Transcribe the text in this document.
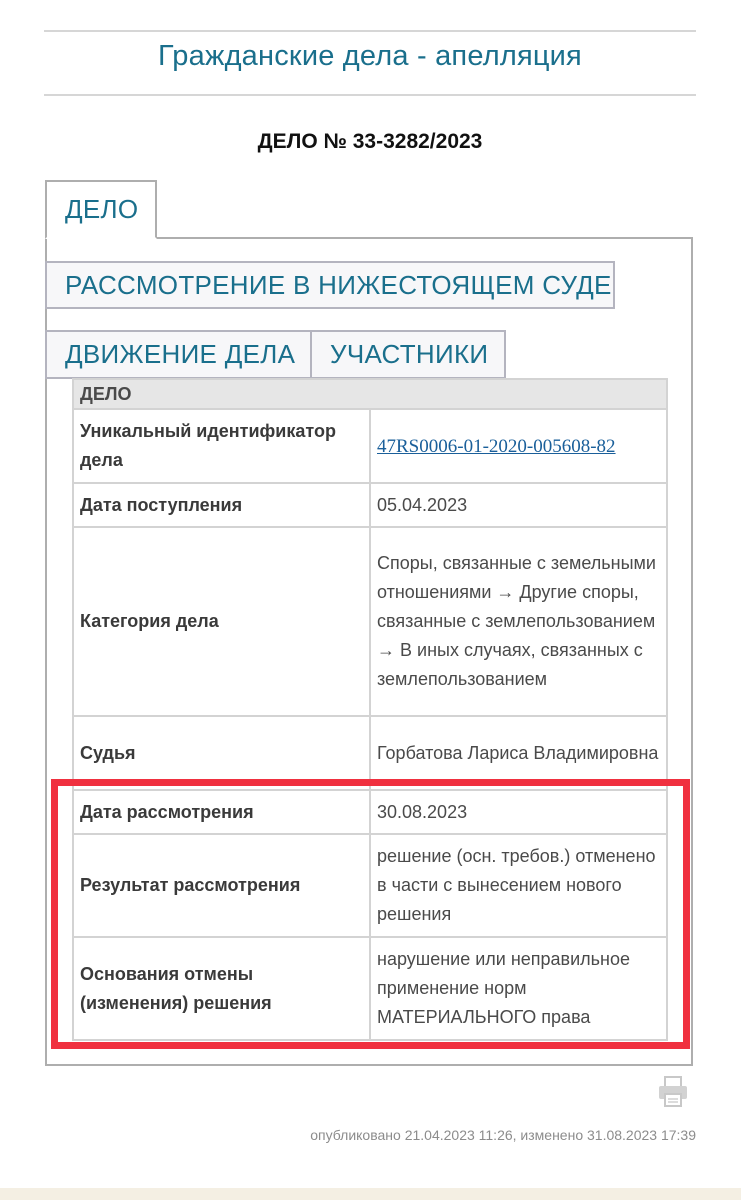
Гражданские дела - апелляция
ДЕЛО № 33-3282/2023
ДЕЛО
РАССМОТРЕНИЕ В НИЖЕСТОЯЩЕМ СУДЕ
ДВИЖЕНИЕ ДЕЛА УЧАСТНИКИ
ДЕЛО	
Уникальный идентификатор дела	47RS0006-01-2020-005608-82
Дата поступления	05.04.2023
Категория дела	Споры, связанные с земельными отношениями → Другие споры, связанные с землепользованием → В иных случаях, связанных с землепользованием
Судья	Горбатова Лариса Владимировна
Дата рассмотрения	30.08.2023
Результат рассмотрения	решение (осн. требов.) отменено в части с вынесением нового решения
Основания отмены (изменения) решения	нарушение или неправильное применение норм МАТЕРИАЛЬНОГО права
опубликовано 21.04.2023 11:26, изменено 31.08.2023 17:39
